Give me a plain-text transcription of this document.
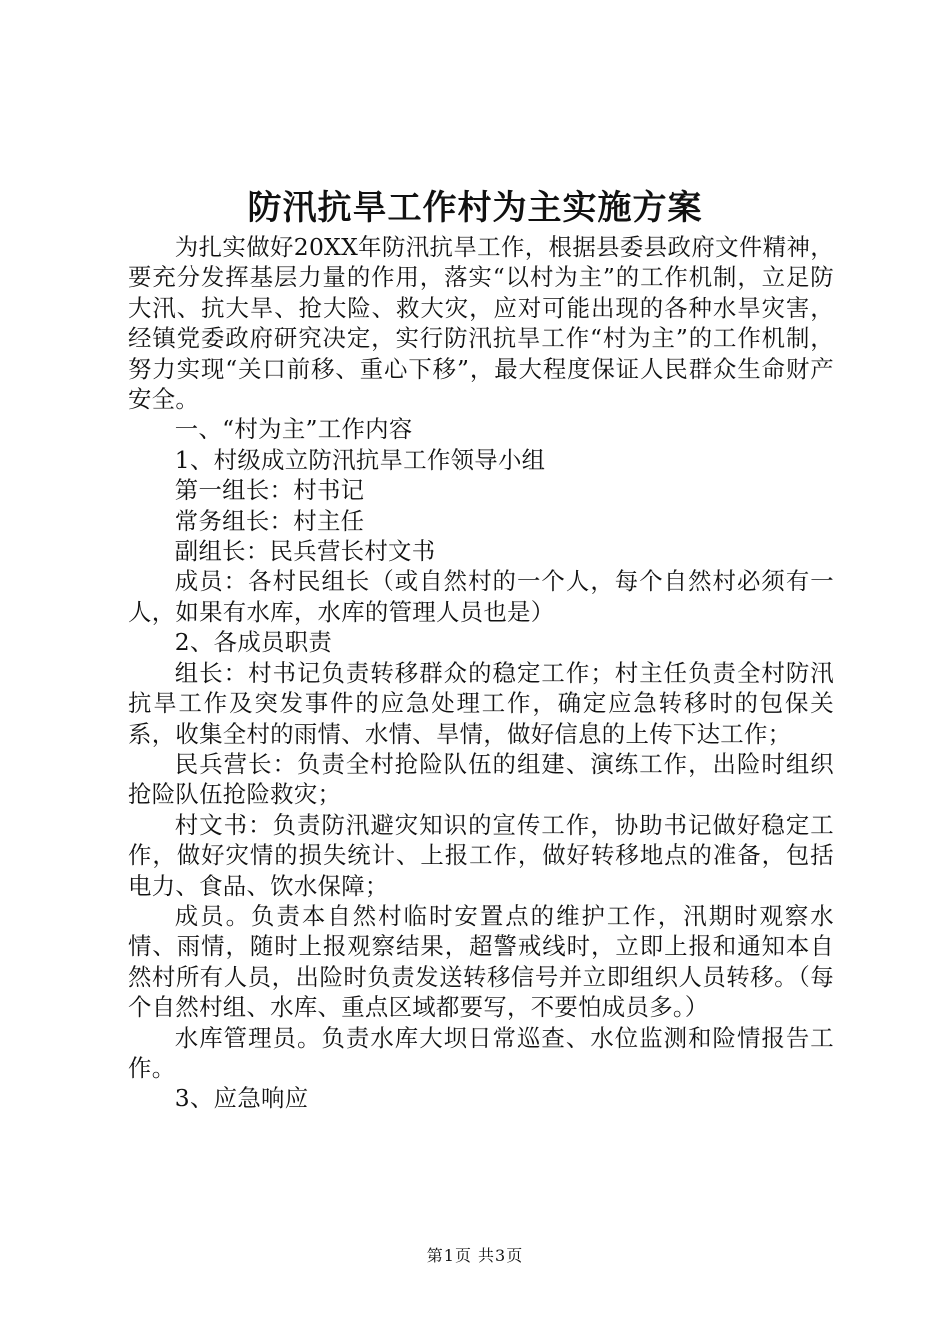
防汛抗旱工作村为主实施方案

为扎实做好20XX年防汛抗旱工作，根据县委县政府文件精神，要充分发挥基层力量的作用，落实“以村为主”的工作机制，立足防大汛、抗大旱、抢大险、救大灾，应对可能出现的各种水旱灾害，经镇党委政府研究决定，实行防汛抗旱工作“村为主”的工作机制，努力实现“关口前移、重心下移”，最大程度保证人民群众生命财产安全。

一、“村为主”工作内容

1、村级成立防汛抗旱工作领导小组

第一组长：村书记

常务组长：村主任

副组长：民兵营长村文书

成员：各村民组长（或自然村的一个人，每个自然村必须有一人，如果有水库，水库的管理人员也是）

2、各成员职责

组长：村书记负责转移群众的稳定工作；村主任负责全村防汛抗旱工作及突发事件的应急处理工作，确定应急转移时的包保关系，收集全村的雨情、水情、旱情，做好信息的上传下达工作；

民兵营长：负责全村抢险队伍的组建、演练工作，出险时组织抢险队伍抢险救灾；

村文书：负责防汛避灾知识的宣传工作，协助书记做好稳定工作，做好灾情的损失统计、上报工作，做好转移地点的准备，包括电力、食品、饮水保障；

成员。负责本自然村临时安置点的维护工作，汛期时观察水情、雨情，随时上报观察结果，超警戒线时，立即上报和通知本自然村所有人员，出险时负责发送转移信号并立即组织人员转移。（每个自然村组、水库、重点区域都要写，不要怕成员多。）

水库管理员。负责水库大坝日常巡查、水位监测和险情报告工作。

3、应急响应

第1页 共3页
